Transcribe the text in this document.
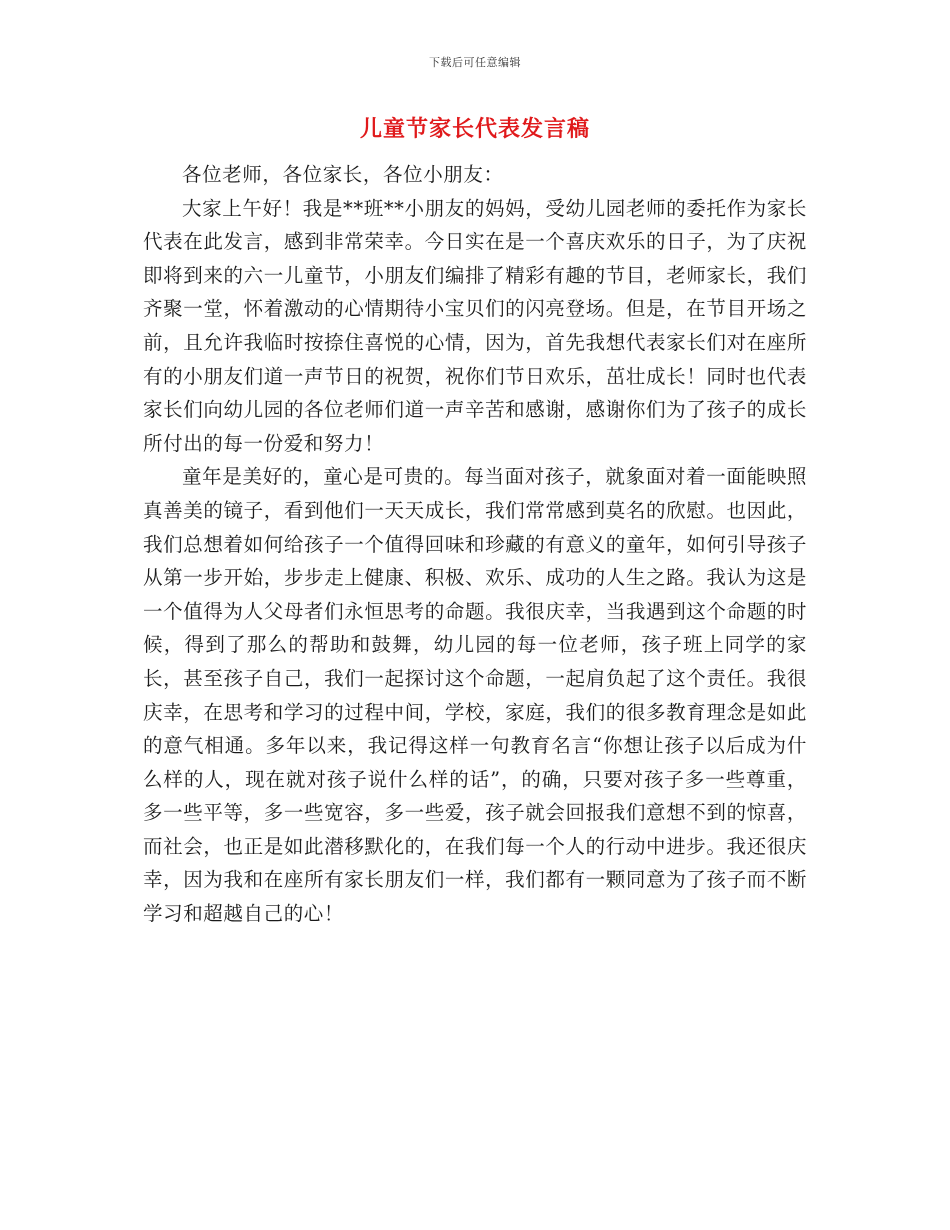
下载后可任意编辑
儿童节家长代表发言稿

各位老师，各位家长，各位小朋友：

大家上午好！我是**班**小朋友的妈妈，受幼儿园老师的委托作为家长代表在此发言，感到非常荣幸。今日实在是一个喜庆欢乐的日子，为了庆祝即将到来的六一儿童节，小朋友们编排了精彩有趣的节目，老师家长，我们齐聚一堂，怀着激动的心情期待小宝贝们的闪亮登场。但是，在节目开场之前，且允许我临时按捺住喜悦的心情，因为，首先我想代表家长们对在座所有的小朋友们道一声节日的祝贺，祝你们节日欢乐，茁壮成长！同时也代表家长们向幼儿园的各位老师们道一声辛苦和感谢，感谢你们为了孩子的成长所付出的每一份爱和努力！

童年是美好的，童心是可贵的。每当面对孩子，就象面对着一面能映照真善美的镜子，看到他们一天天成长，我们常常感到莫名的欣慰。也因此，我们总想着如何给孩子一个值得回味和珍藏的有意义的童年，如何引导孩子从第一步开始，步步走上健康、积极、欢乐、成功的人生之路。我认为这是一个值得为人父母者们永恒思考的命题。我很庆幸，当我遇到这个命题的时候，得到了那么的帮助和鼓舞，幼儿园的每一位老师，孩子班上同学的家长，甚至孩子自己，我们一起探讨这个命题，一起肩负起了这个责任。我很庆幸，在思考和学习的过程中间，学校，家庭，我们的很多教育理念是如此的意气相通。多年以来，我记得这样一句教育名言“你想让孩子以后成为什么样的人，现在就对孩子说什么样的话”，的确，只要对孩子多一些尊重，多一些平等，多一些宽容，多一些爱，孩子就会回报我们意想不到的惊喜，而社会，也正是如此潜移默化的，在我们每一个人的行动中进步。我还很庆幸，因为我和在座所有家长朋友们一样，我们都有一颗同意为了孩子而不断学习和超越自己的心！
